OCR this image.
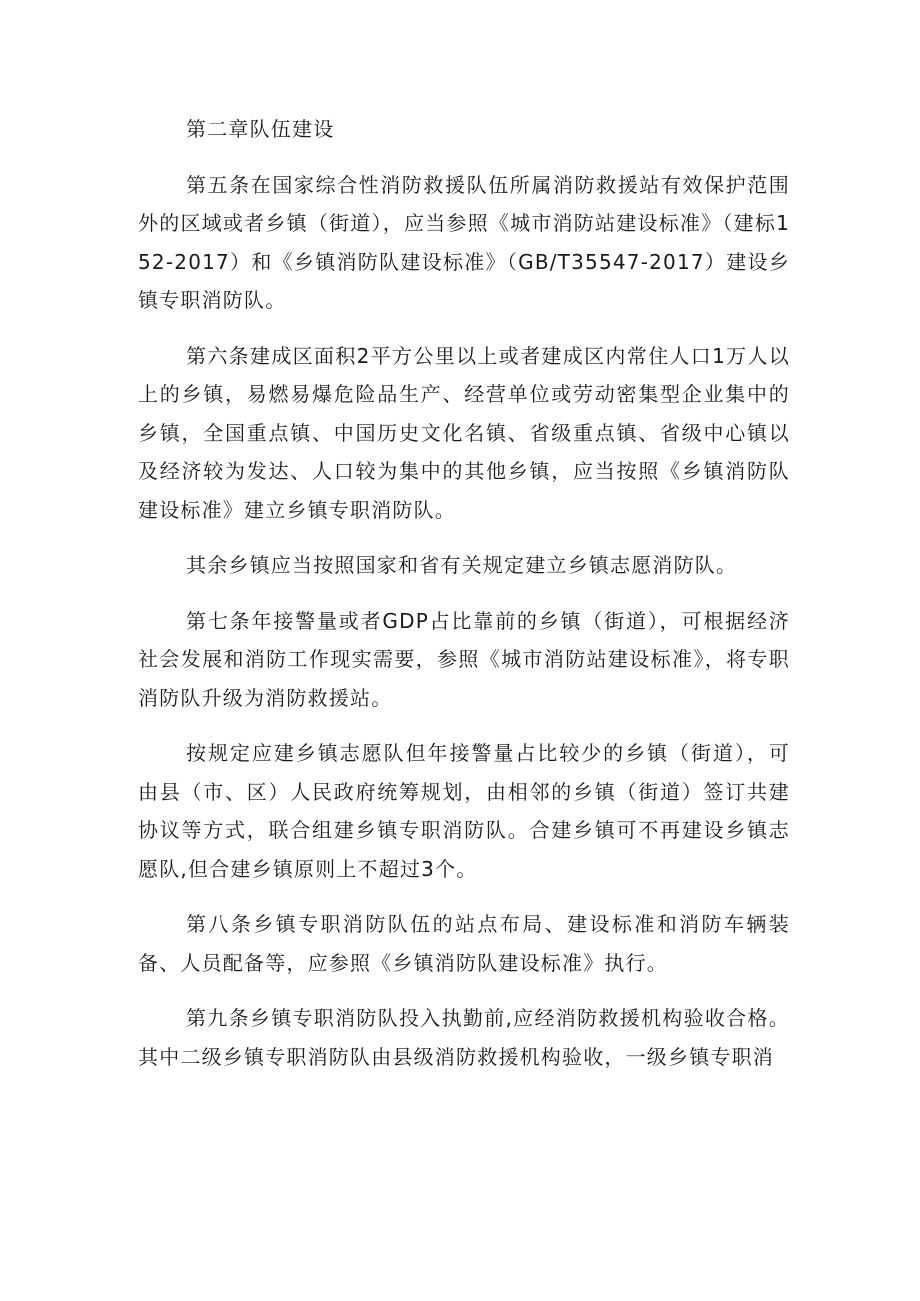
第二章队伍建设

第五条在国家综合性消防救援队伍所属消防救援站有效保护范围外的区域或者乡镇（街道），应当参照《城市消防站建设标准》（建标152-2017）和《乡镇消防队建设标准》（GB/T35547-2017）建设乡镇专职消防队。

第六条建成区面积2平方公里以上或者建成区内常住人口1万人以上的乡镇，易燃易爆危险品生产、经营单位或劳动密集型企业集中的乡镇，全国重点镇、中国历史文化名镇、省级重点镇、省级中心镇以及经济较为发达、人口较为集中的其他乡镇，应当按照《乡镇消防队建设标准》建立乡镇专职消防队。

其余乡镇应当按照国家和省有关规定建立乡镇志愿消防队。

第七条年接警量或者GDP占比靠前的乡镇（街道），可根据经济社会发展和消防工作现实需要，参照《城市消防站建设标准》，将专职消防队升级为消防救援站。

按规定应建乡镇志愿队但年接警量占比较少的乡镇（街道），可由县（市、区）人民政府统筹规划，由相邻的乡镇（街道）签订共建协议等方式，联合组建乡镇专职消防队。合建乡镇可不再建设乡镇志愿队,但合建乡镇原则上不超过3个。

第八条乡镇专职消防队伍的站点布局、建设标准和消防车辆装备、人员配备等，应参照《乡镇消防队建设标准》执行。

第九条乡镇专职消防队投入执勤前,应经消防救援机构验收合格。其中二级乡镇专职消防队由县级消防救援机构验收，一级乡镇专职消
